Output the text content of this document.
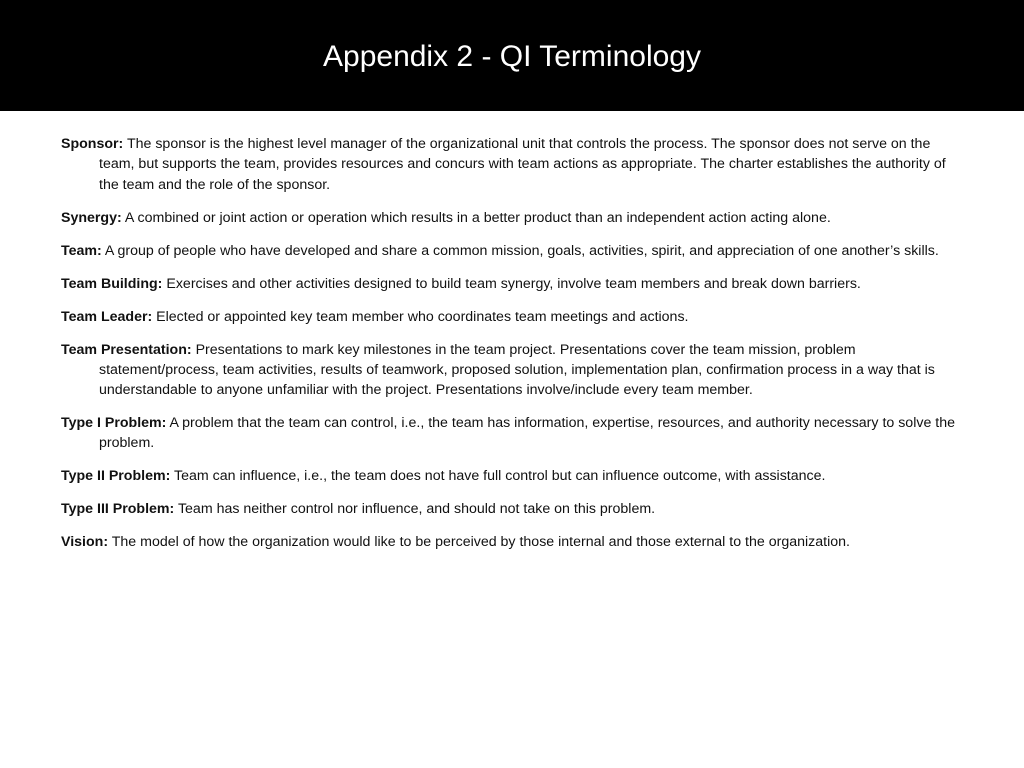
Appendix 2 - QI Terminology

Sponsor: The sponsor is the highest level manager of the organizational unit that controls the process. The sponsor does not serve on the team, but supports the team, provides resources and concurs with team actions as appropriate. The charter establishes the authority of the team and the role of the sponsor.

Synergy: A combined or joint action or operation which results in a better product than an independent action acting alone.

Team: A group of people who have developed and share a common mission, goals, activities, spirit, and appreciation of one another’s skills.

Team Building: Exercises and other activities designed to build team synergy, involve team members and break down barriers.

Team Leader: Elected or appointed key team member who coordinates team meetings and actions.

Team Presentation: Presentations to mark key milestones in the team project. Presentations cover the team mission, problem statement/process, team activities, results of teamwork, proposed solution, implementation plan, confirmation process in a way that is understandable to anyone unfamiliar with the project. Presentations involve/include every team member.

Type I Problem: A problem that the team can control, i.e., the team has information, expertise, resources, and authority necessary to solve the problem.

Type II Problem: Team can influence, i.e., the team does not have full control but can influence outcome, with assistance.

Type III Problem: Team has neither control nor influence, and should not take on this problem.

Vision: The model of how the organization would like to be perceived by those internal and those external to the organization.
